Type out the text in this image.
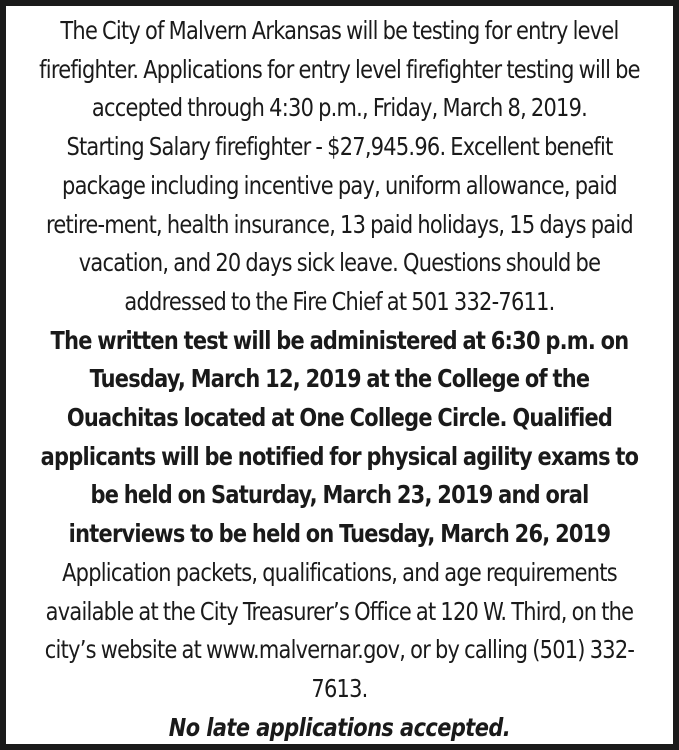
The City of Malvern Arkansas will be testing for entry level firefighter. Applications for entry level firefighter testing will be accepted through 4:30 p.m., Friday, March 8, 2019.

Starting Salary firefighter - $27,945.96. Excellent benefit package including incentive pay, uniform allowance, paid retire-ment, health insurance, 13 paid holidays, 15 days paid vacation, and 20 days sick leave. Questions should be addressed to the Fire Chief at 501 332-7611.

The written test will be administered at 6:30 p.m. on Tuesday, March 12, 2019 at the College of the Ouachitas located at One College Circle. Qualified applicants will be notified for physical agility exams to be held on Saturday, March 23, 2019 and oral interviews to be held on Tuesday, March 26, 2019

Application packets, qualifications, and age requirements available at the City Treasurer’s Office at 120 W. Third, on the city’s website at www.malvernar.gov, or by calling (501) 332-7613.

No late applications accepted.
